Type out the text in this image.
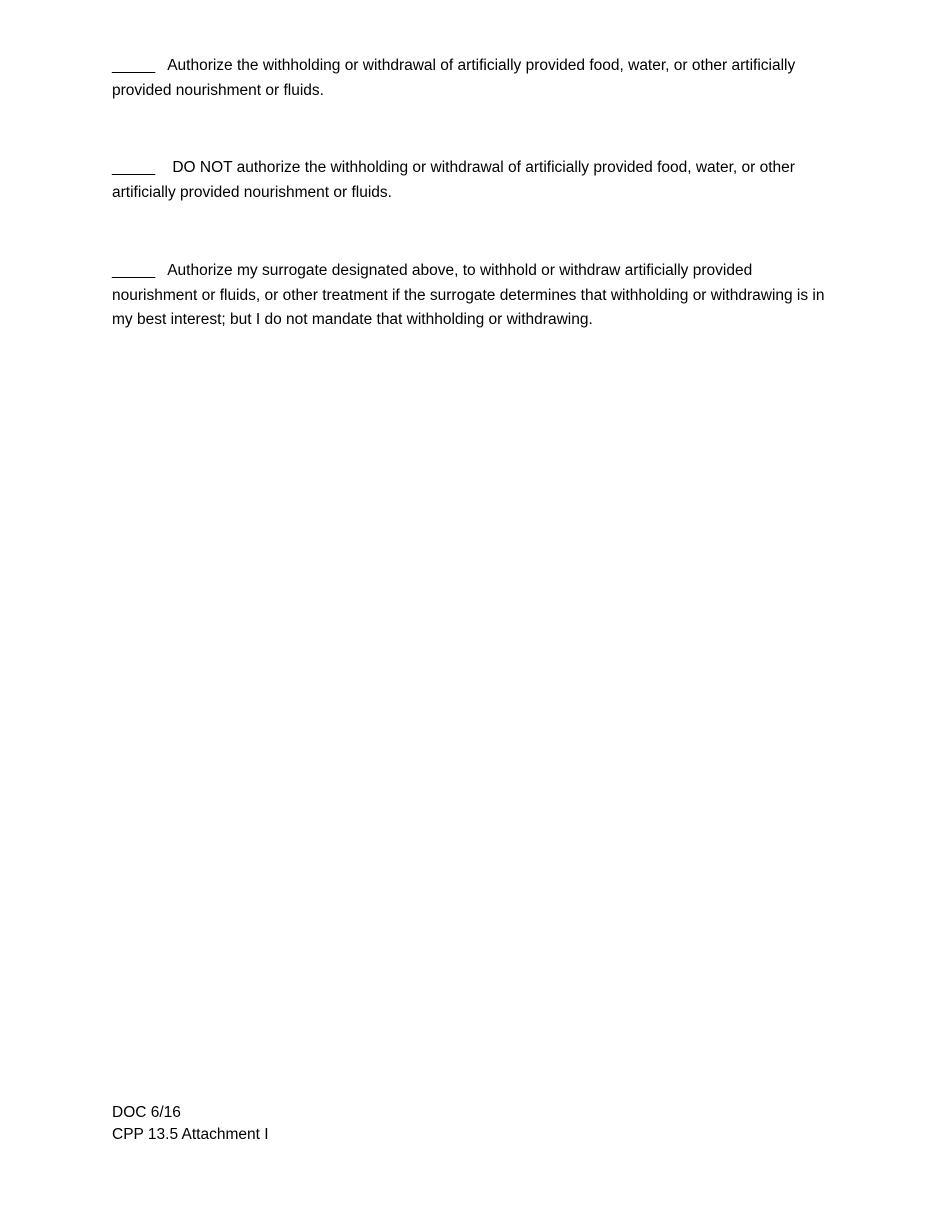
_____ Authorize the withholding or withdrawal of artificially provided food, water, or other artificially provided nourishment or fluids.

_____    DO NOT authorize the withholding or withdrawal of artificially provided food, water, or other artificially provided nourishment or fluids.

_____ Authorize my surrogate designated above, to withhold or withdraw artificially provided nourishment or fluids, or other treatment if the surrogate determines that withholding or withdrawing is in my best interest; but I do not mandate that withholding or withdrawing.

DOC 6/16
CPP 13.5 Attachment I
